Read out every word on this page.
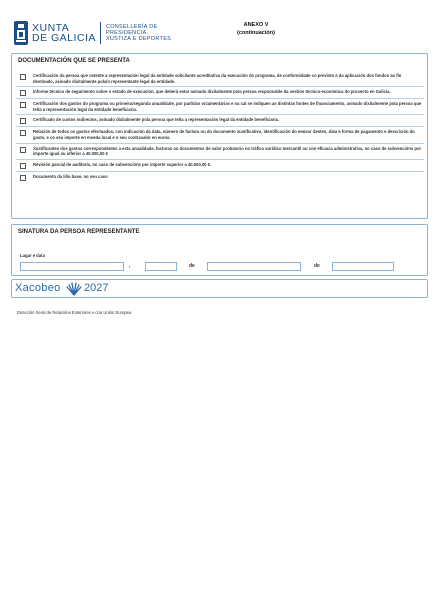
XUNTA
DE GALICIA
CONSELLERÍA DE
PRESIDENCIA,
XUSTIZA E DEPORTES
ANEXO V
(continuación)
DOCUMENTACIÓN QUE SE PRESENTA
Certificación da persoa que ostente a representación legal da entidade solicitante acreditativa da execución do programa, de conformidade co previsto e da aplicación dos fondos ao fin destinado, asinado dixitalmente pola/o representante legal da entidade.
Informe técnico de seguimento sobre o estado de execución, que deberá estar asinado dixitalmente pola persoa responsable da xestión técnico-económica do proxecto en Galicia.
Certificación dos gastos do programa ou primeira/segunda anualidade, por partidas orzamentarias e na cal se indiquen as distintas fontes de financiamento, asinado dixitalmente pola persoa que teña a representación legal da entidade beneficiaria.
Certificado de custos indirectos, asinado dixitalmente pola persoa que teña a representación legal da entidade beneficiaria.
Relación de todos os gastos efectuados, con indicación da data, número de factura ou do documento xustificativo, identificación do emisor destes, data e forma de pagamento e descrición do gasto, e co seu importe en moeda local e o seu contravalor en euros.
Xustificantes dos gastos correspondentes a esta anualidade, facturas ou documentos de valor probatorio no tráfico xurídico mercantil ou con eficacia administrativa, no caso de subvencións por importe igual ou inferior a 40.000,00 €
Revisión parcial de auditoría, no caso de subvencións por importe superior a 40.000,00 €.
Documento da liña base, no seu caso
SINATURA DA PERSOA REPRESENTANTE
Lugar e data
,	de	de
Xacobeo 2027
Dirección Xeral de Relacións Exteriores e coa Unión Europea
